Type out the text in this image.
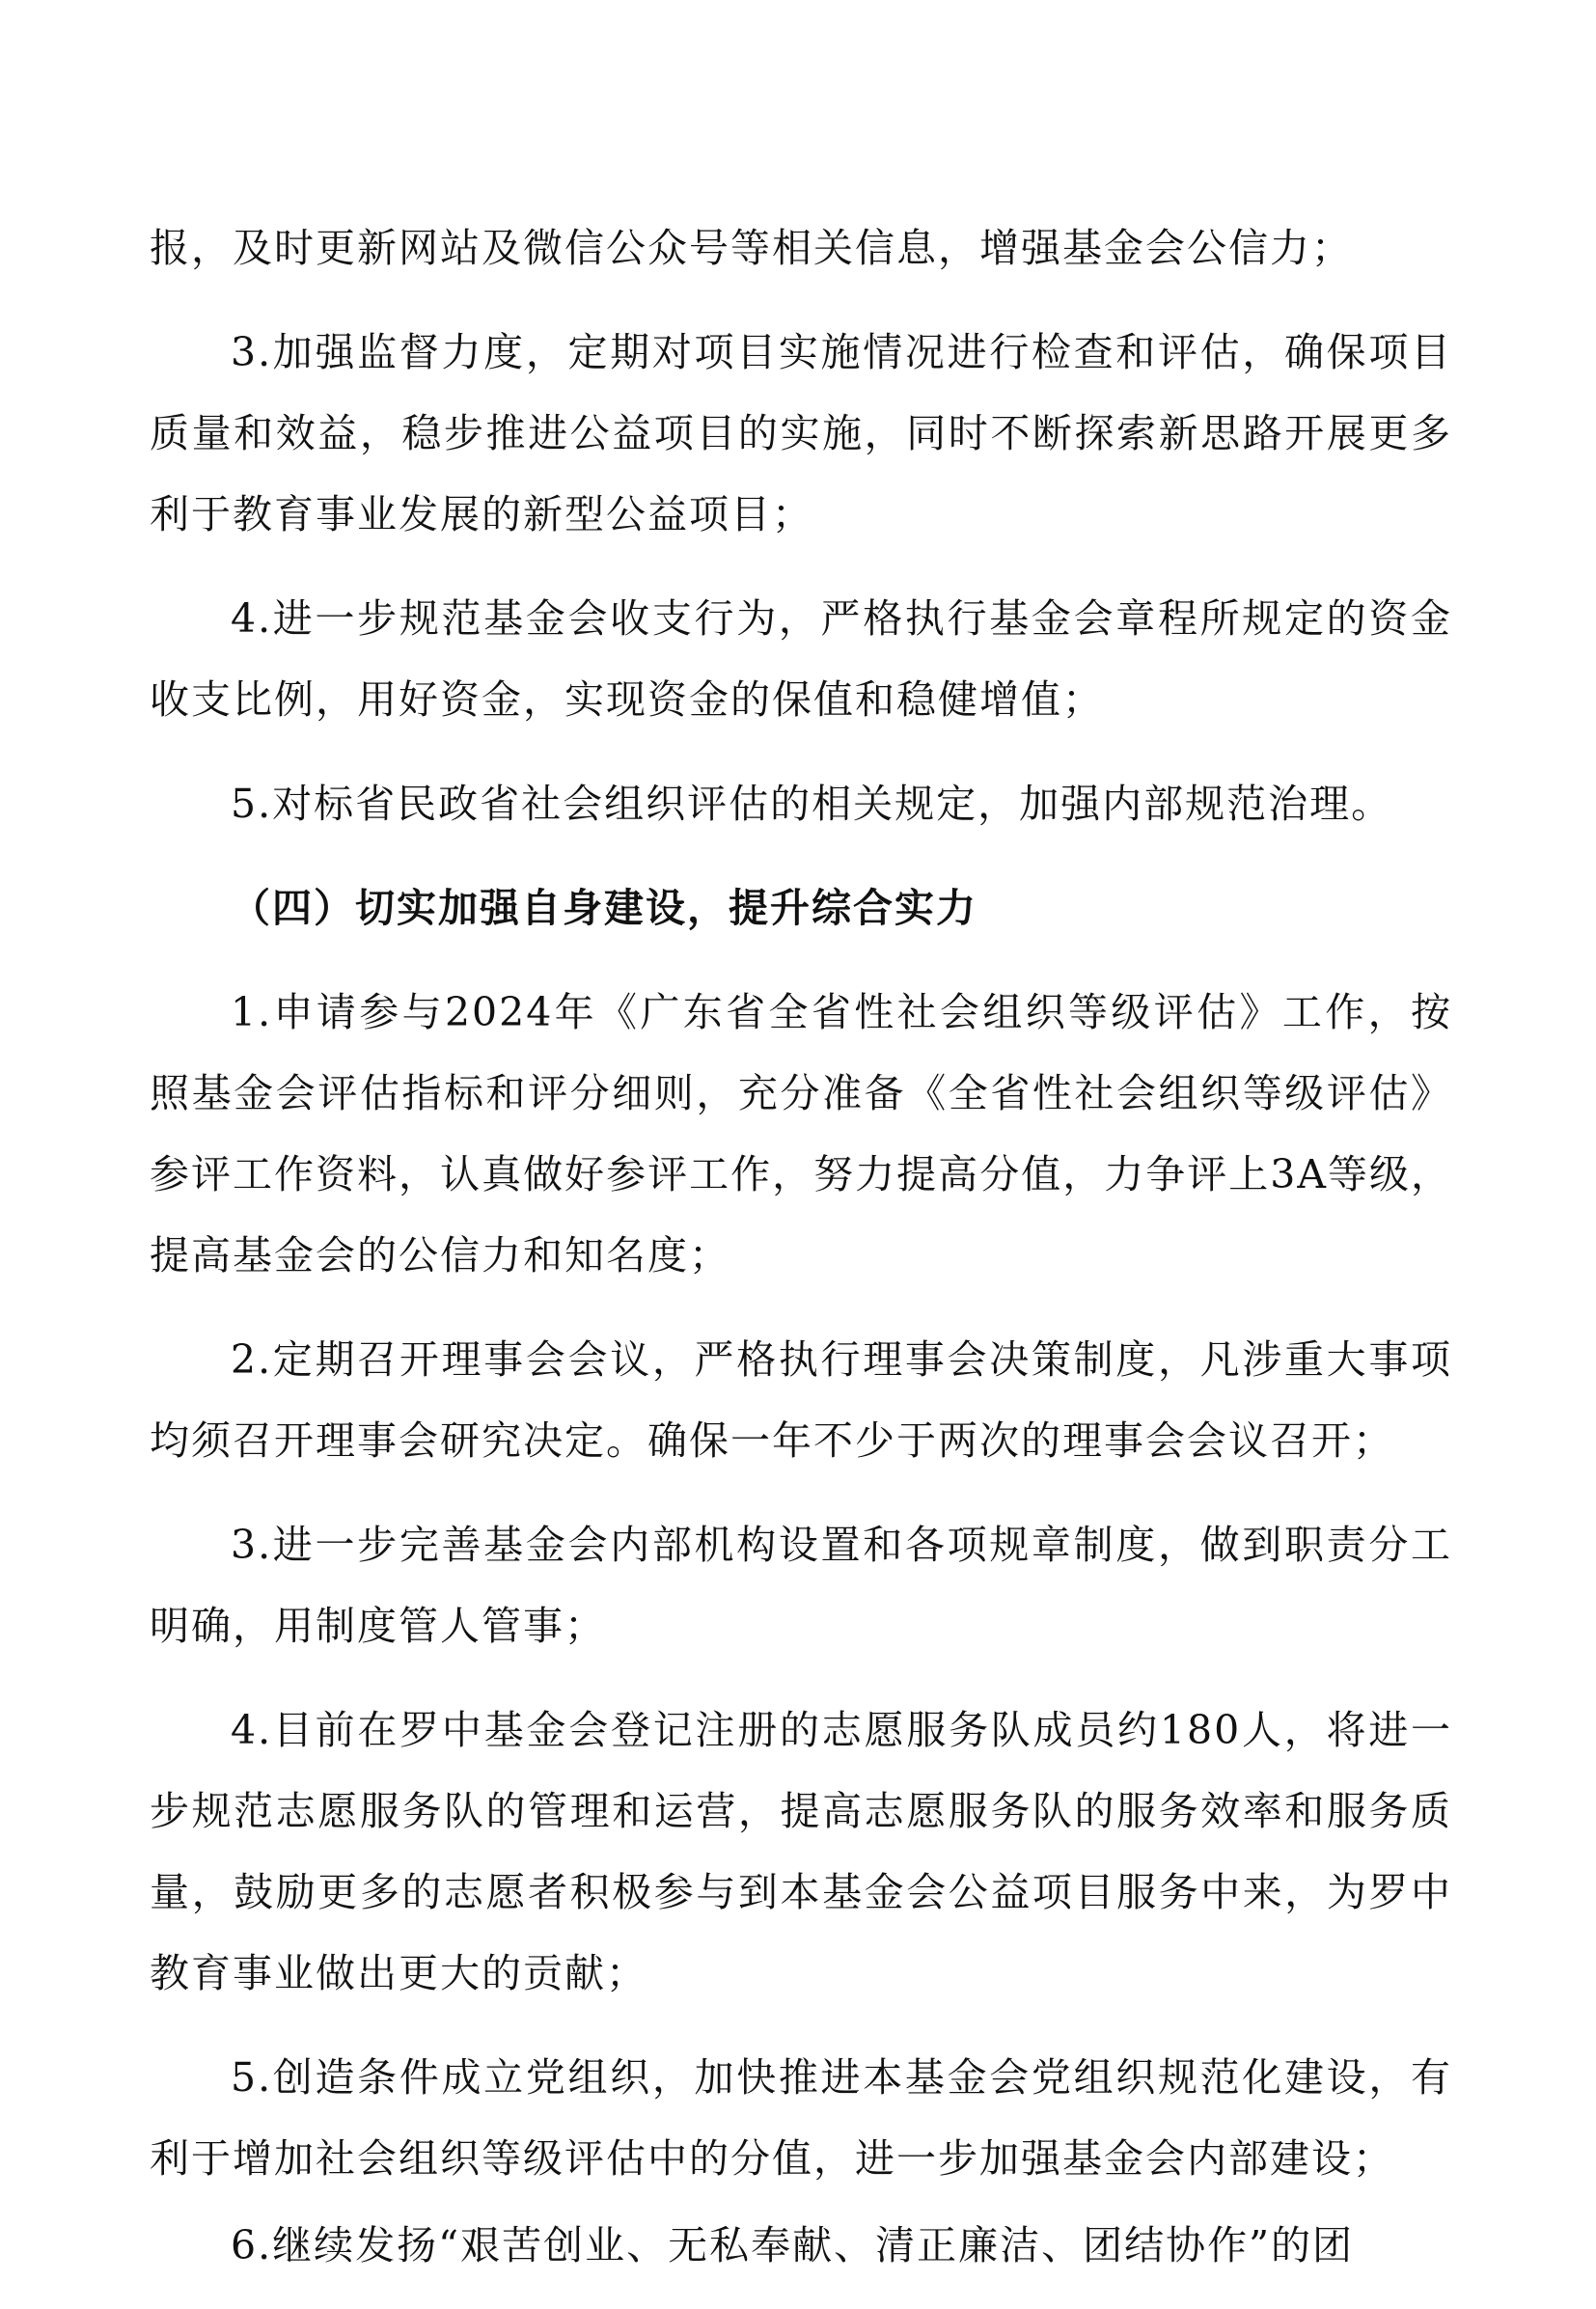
报，及时更新网站及微信公众号等相关信息，增强基金会公信力；

3.加强监督力度，定期对项目实施情况进行检查和评估，确保项目质量和效益，稳步推进公益项目的实施，同时不断探索新思路开展更多利于教育事业发展的新型公益项目；

4.进一步规范基金会收支行为，严格执行基金会章程所规定的资金收支比例，用好资金，实现资金的保值和稳健增值；

5.对标省民政省社会组织评估的相关规定，加强内部规范治理。

（四）切实加强自身建设，提升综合实力

1.申请参与2024年《广东省全省性社会组织等级评估》工作，按照基金会评估指标和评分细则，充分准备《全省性社会组织等级评估》参评工作资料，认真做好参评工作，努力提高分值，力争评上3A等级，提高基金会的公信力和知名度；

2.定期召开理事会会议，严格执行理事会决策制度，凡涉重大事项均须召开理事会研究决定。确保一年不少于两次的理事会会议召开；

3.进一步完善基金会内部机构设置和各项规章制度，做到职责分工明确，用制度管人管事；

4.目前在罗中基金会登记注册的志愿服务队成员约180人，将进一步规范志愿服务队的管理和运营，提高志愿服务队的服务效率和服务质量，鼓励更多的志愿者积极参与到本基金会公益项目服务中来，为罗中教育事业做出更大的贡献；

5.创造条件成立党组织，加快推进本基金会党组织规范化建设，有利于增加社会组织等级评估中的分值，进一步加强基金会内部建设；

6.继续发扬“艰苦创业、无私奉献、清正廉洁、团结协作”的团
